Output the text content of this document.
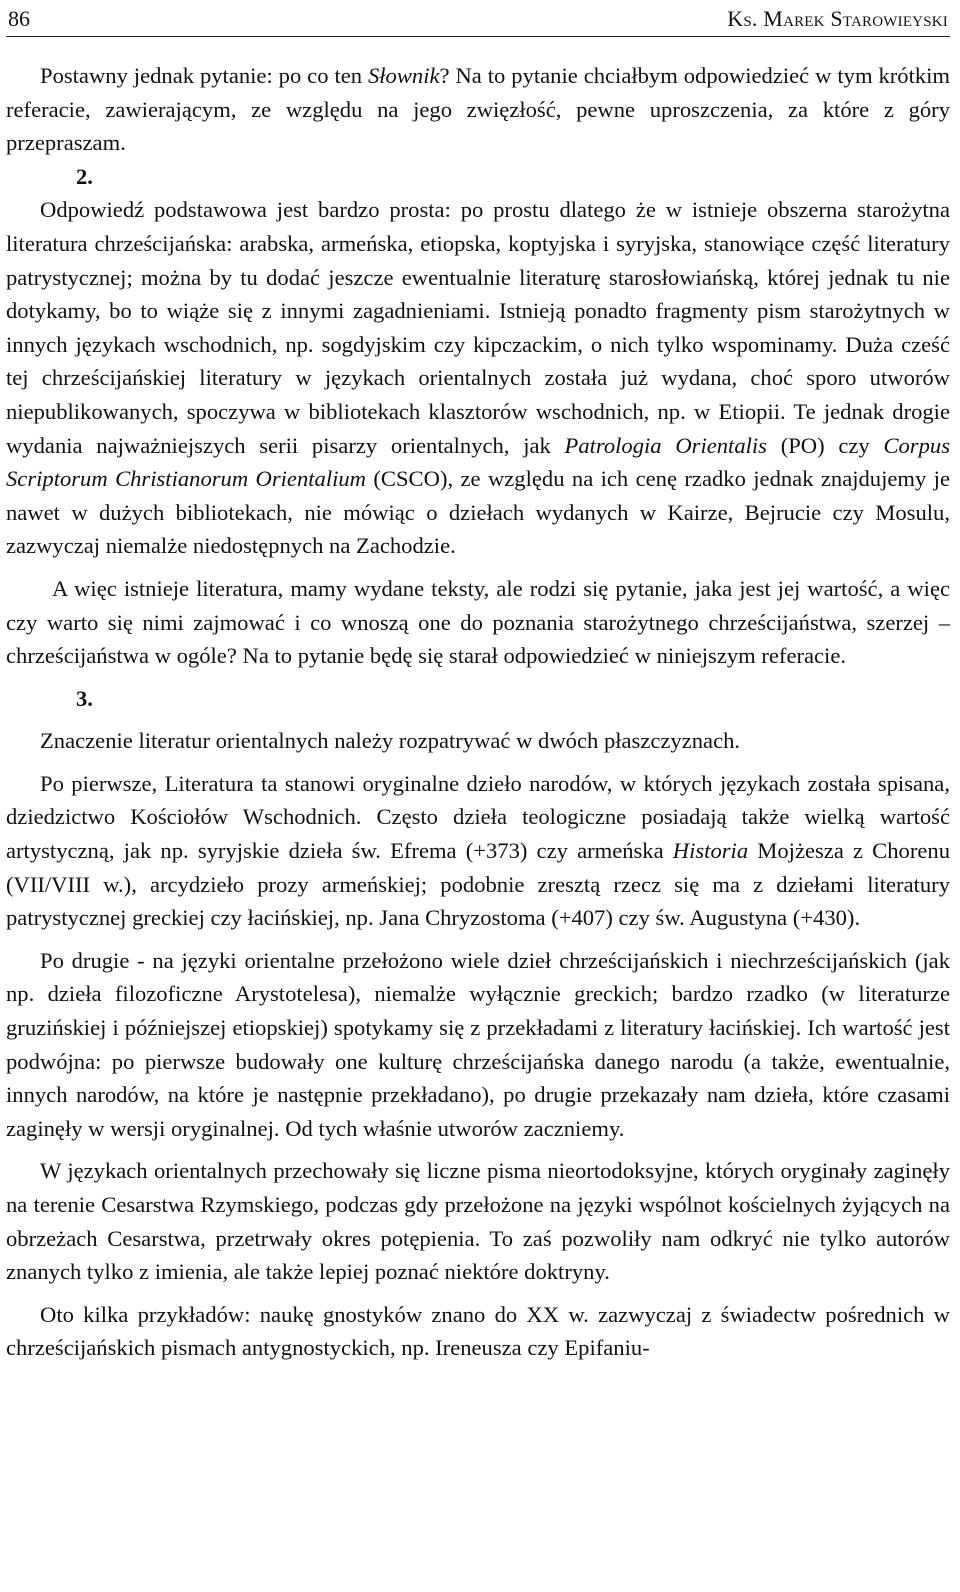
86	Ks. Marek Starowieyski

Postawny jednak pytanie: po co ten Słownik? Na to pytanie chciałbym odpowiedzieć w tym krótkim referacie, zawierającym, ze względu na jego zwięzłość, pewne uproszczenia, za które z góry przepraszam.

2.

Odpowiedź podstawowa jest bardzo prosta: po prostu dlatego że w istnieje obszerna starożytna literatura chrześcijańska: arabska, armeńska, etiopska, koptyjska i syryjska, stanowiące część literatury patrystycznej; można by tu dodać jeszcze ewentualnie literaturę starosłowiańską, której jednak tu nie dotykamy, bo to wiąże się z innymi zagadnieniami. Istnieją ponadto fragmenty pism starożytnych w innych językach wschodnich, np. sogdyjskim czy kipczackim, o nich tylko wspominamy. Duża cześć tej chrześcijańskiej literatury w językach orientalnych została już wydana, choć sporo utworów niepublikowanych, spoczywa w bibliotekach klasztorów wschodnich, np. w Etiopii. Te jednak drogie wydania najważniejszych serii pisarzy orientalnych, jak Patrologia Orientalis (PO) czy Corpus Scriptorum Christianorum Orientalium (CSCO), ze względu na ich cenę rzadko jednak znajdujemy je nawet w dużych bibliotekach, nie mówiąc o dziełach wydanych w Kairze, Bejrucie czy Mosulu, zazwyczaj niemalże niedostępnych na Zachodzie.

A więc istnieje literatura, mamy wydane teksty, ale rodzi się pytanie, jaka jest jej wartość, a więc czy warto się nimi zajmować i co wnoszą one do poznania starożytnego chrześcijaństwa, szerzej – chrześcijaństwa w ogóle? Na to pytanie będę się starał odpowiedzieć w niniejszym referacie.

3.

Znaczenie literatur orientalnych należy rozpatrywać w dwóch płaszczyznach.

Po pierwsze, Literatura ta stanowi oryginalne dzieło narodów, w których językach została spisana, dziedzictwo Kościołów Wschodnich. Często dzieła teologiczne posiadają także wielką wartość artystyczną, jak np. syryjskie dzieła św. Efrema (+373) czy armeńska Historia Mojżesza z Chorenu (VII/VIII w.), arcydzieło prozy armeńskiej; podobnie zresztą rzecz się ma z dziełami literatury patrystycznej greckiej czy łacińskiej, np. Jana Chryzostoma (+407) czy św. Augustyna (+430).

Po drugie - na języki orientalne przełożono wiele dzieł chrześcijańskich i niechrześcijańskich (jak np. dzieła filozoficzne Arystotelesa), niemalże wyłącznie greckich; bardzo rzadko (w literaturze gruzińskiej i późniejszej etiopskiej) spotykamy się z przekładami z literatury łacińskiej. Ich wartość jest podwójna: po pierwsze budowały one kulturę chrześcijańska danego narodu (a także, ewentualnie, innych narodów, na które je następnie przekładano), po drugie przekazały nam dzieła, które czasami zaginęły w wersji oryginalnej. Od tych właśnie utworów zaczniemy.

W językach orientalnych przechowały się liczne pisma nieortodoksyjne, których oryginały zaginęły na terenie Cesarstwa Rzymskiego, podczas gdy przełożone na języki wspólnot kościelnych żyjących na obrzeżach Cesarstwa, przetrwały okres potępienia. To zaś pozwoliły nam odkryć nie tylko autorów znanych tylko z imienia, ale także lepiej poznać niektóre doktryny.

Oto kilka przykładów: naukę gnostyków znano do XX w. zazwyczaj z świadectw pośrednich w chrześcijańskich pismach antygnostyckich, np. Ireneusza czy Epifaniu-
